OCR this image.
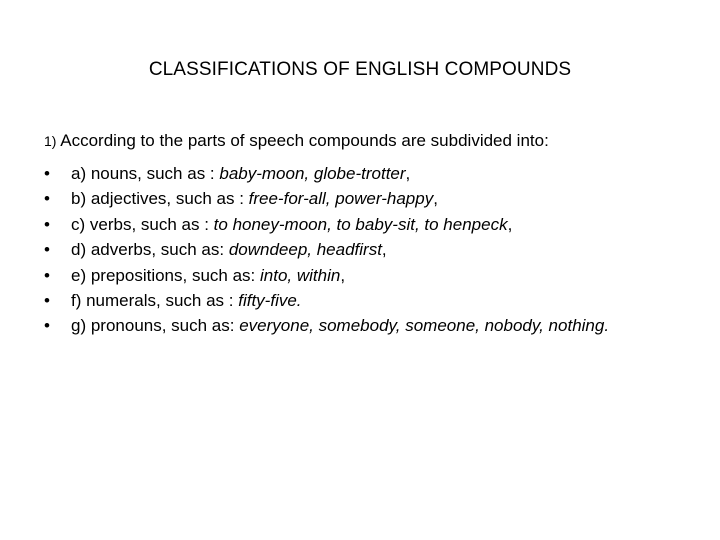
CLASSIFICATIONS OF ENGLISH COMPOUNDS
1) According to the parts of speech compounds are subdivided into:
• a) nouns, such as : baby-moon, globe-trotter,
• b) adjectives, such as : free-for-all, power-happy,
• c) verbs, such as : to honey-moon, to baby-sit, to henpeck,
• d) adverbs, such as: downdeep, headfirst,
• e) prepositions, such as: into, within,
• f) numerals, such as : fifty-five.
• g) pronouns, such as: everyone, somebody, someone, nobody, nothing.
